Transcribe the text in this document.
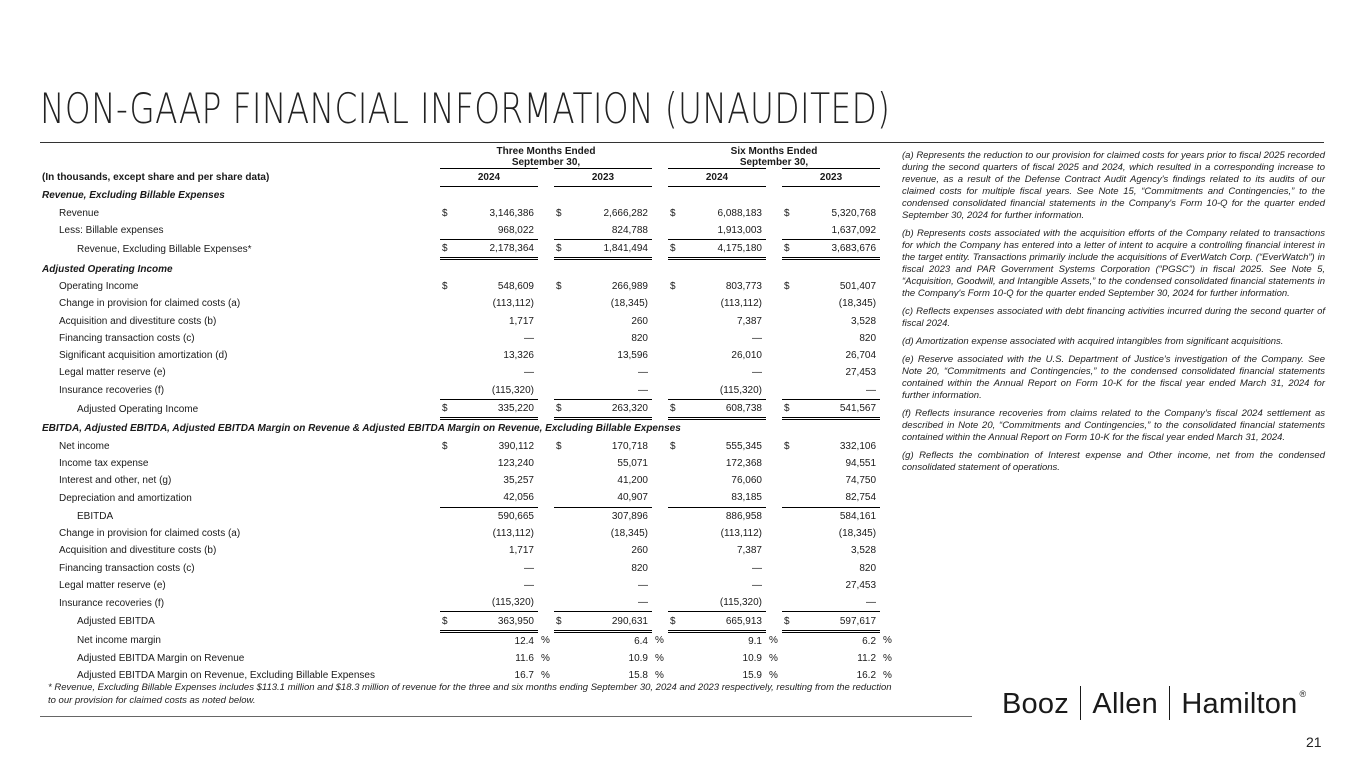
NON-GAAP FINANCIAL INFORMATION (UNAUDITED)

	Three Months Ended
September 30,						Six Months Ended
September 30,					

(In thousands, except share and per share data)	2024			2023			2024			2023		
Revenue, Excluding Billable Expenses												
Revenue	$	3,146,386		$	2,666,282		$	6,088,183		$	5,320,768	
Less: Billable expenses		968,022			824,788			1,913,003			1,637,092	
Revenue, Excluding Billable Expenses*	$	2,178,364		$	1,841,494		$	4,175,180		$	3,683,676	
Adjusted Operating Income												
Operating Income	$	548,609		$	266,989		$	803,773		$	501,407	
Change in provision for claimed costs (a)		(113,112)			(18,345)			(113,112)			(18,345)	
Acquisition and divestiture costs (b)		1,717			260			7,387			3,528	
Financing transaction costs (c)		—			820			—			820	
Significant acquisition amortization (d)		13,326			13,596			26,010			26,704	
Legal matter reserve (e)		—			—			—			27,453	
Insurance recoveries (f)		(115,320)			—			(115,320)			—	
Adjusted Operating Income	$	335,220		$	263,320		$	608,738		$	541,567	
EBITDA, Adjusted EBITDA, Adjusted EBITDA Margin on Revenue & Adjusted EBITDA Margin on Revenue, Excluding Billable Expenses												
Net income	$	390,112		$	170,718		$	555,345		$	332,106	
Income tax expense		123,240			55,071			172,368			94,551	
Interest and other, net (g)		35,257			41,200			76,060			74,750	
Depreciation and amortization		42,056			40,907			83,185			82,754	
EBITDA		590,665			307,896			886,958			584,161	
Change in provision for claimed costs (a)		(113,112)			(18,345)			(113,112)			(18,345)	
Acquisition and divestiture costs (b)		1,717			260			7,387			3,528	
Financing transaction costs (c)		—			820			—			820	
Legal matter reserve (e)		—			—			—			27,453	
Insurance recoveries (f)		(115,320)			—			(115,320)			—	
Adjusted EBITDA	$	363,950		$	290,631		$	665,913		$	597,617	
Net income margin		12.4	%		6.4	%		9.1	%		6.2	%
Adjusted EBITDA Margin on Revenue		11.6	%		10.9	%		10.9	%		11.2	%
Adjusted EBITDA Margin on Revenue, Excluding Billable Expenses		16.7	%		15.8	%		15.9	%		16.2	%

(a) Represents the reduction to our provision for claimed costs for years prior to fiscal 2025 recorded during the second quarters of fiscal 2025 and 2024, which resulted in a corresponding increase to revenue, as a result of the Defense Contract Audit Agency's findings related to its audits of our claimed costs for multiple fiscal years. See Note 15, “Commitments and Contingencies,” to the condensed consolidated financial statements in the Company's Form 10-Q for the quarter ended September 30, 2024 for further information.

(b) Represents costs associated with the acquisition efforts of the Company related to transactions for which the Company has entered into a letter of intent to acquire a controlling financial interest in the target entity. Transactions primarily include the acquisitions of EverWatch Corp. (“EverWatch”) in fiscal 2023 and PAR Government Systems Corporation (“PGSC”) in fiscal 2025. See Note 5, “Acquisition, Goodwill, and Intangible Assets,” to the condensed consolidated financial statements in the Company's Form 10-Q for the quarter ended September 30, 2024 for further information.

(c) Reflects expenses associated with debt financing activities incurred during the second quarter of fiscal 2024.

(d) Amortization expense associated with acquired intangibles from significant acquisitions.

(e) Reserve associated with the U.S. Department of Justice's investigation of the Company. See Note 20, “Commitments and Contingencies,” to the condensed consolidated financial statements contained within the Annual Report on Form 10-K for the fiscal year ended March 31, 2024 for further information.

(f) Reflects insurance recoveries from claims related to the Company’s fiscal 2024 settlement as described in Note 20, “Commitments and Contingencies,” to the consolidated financial statements contained within the Annual Report on Form 10-K for the fiscal year ended March 31, 2024.

(g) Reflects the combination of Interest expense and Other income, net from the condensed consolidated statement of operations.

* Revenue, Excluding Billable Expenses includes $113.1 million and $18.3 million of revenue for the three and six months ending September 30, 2024 and 2023 respectively, resulting from the reduction to our provision for claimed costs as noted below.	Booz Allen Hamilton ®
21
